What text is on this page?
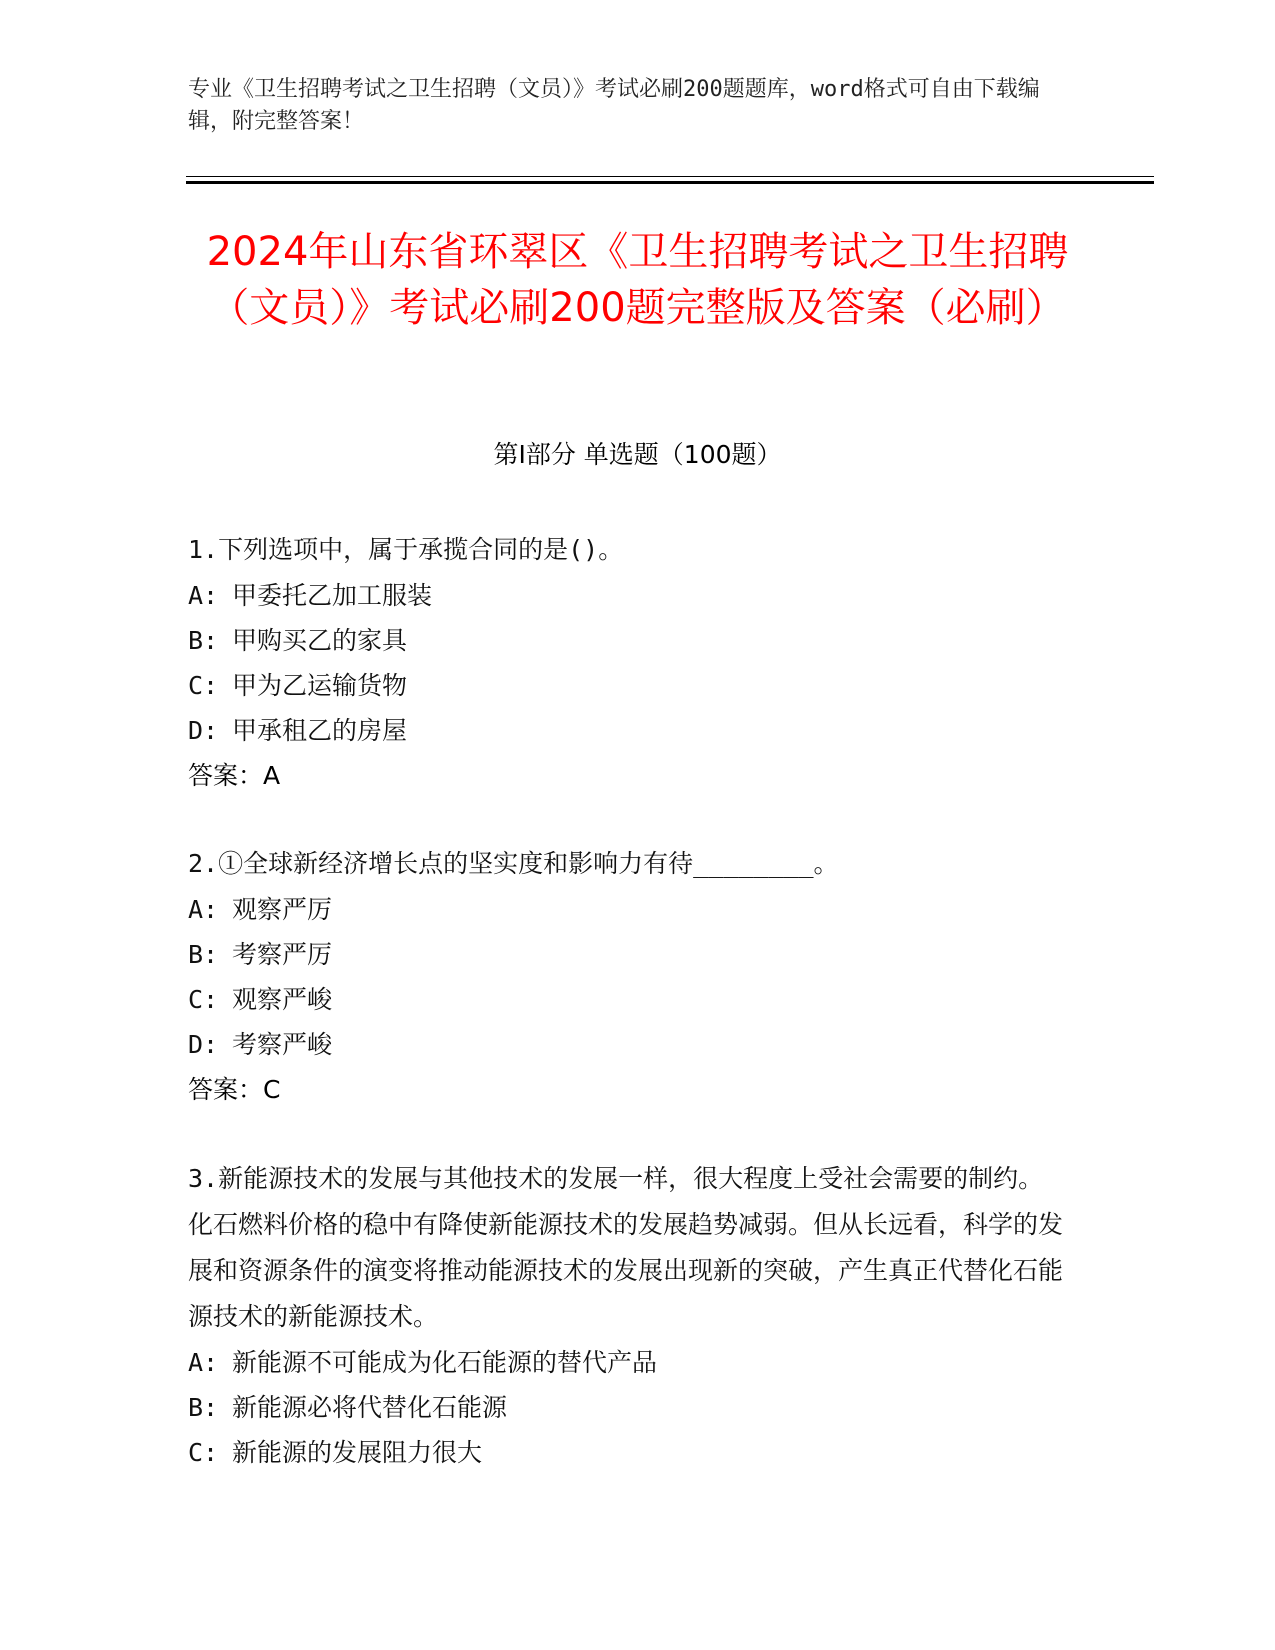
专业《卫生招聘考试之卫生招聘（文员）》考试必刷200题题库，word格式可自由下载编辑，附完整答案！
2024年山东省环翠区《卫生招聘考试之卫生招聘（文员）》考试必刷200题完整版及答案（必刷）
第I部分 单选题（100题）

1.下列选项中，属于承揽合同的是()。

A: 甲委托乙加工服装
B: 甲购买乙的家具
C: 甲为乙运输货物
D: 甲承租乙的房屋
答案：A

2.①全球新经济增长点的坚实度和影响力有待________。

A: 观察严厉
B: 考察严厉
C: 观察严峻
D: 考察严峻
答案：C

3.新能源技术的发展与其他技术的发展一样，很大程度上受社会需要的制约。化石燃料价格的稳中有降使新能源技术的发展趋势减弱。但从长远看，科学的发展和资源条件的演变将推动能源技术的发展出现新的突破，产生真正代替化石能源技术的新能源技术。

A: 新能源不可能成为化石能源的替代产品
B: 新能源必将代替化石能源
C: 新能源的发展阻力很大
